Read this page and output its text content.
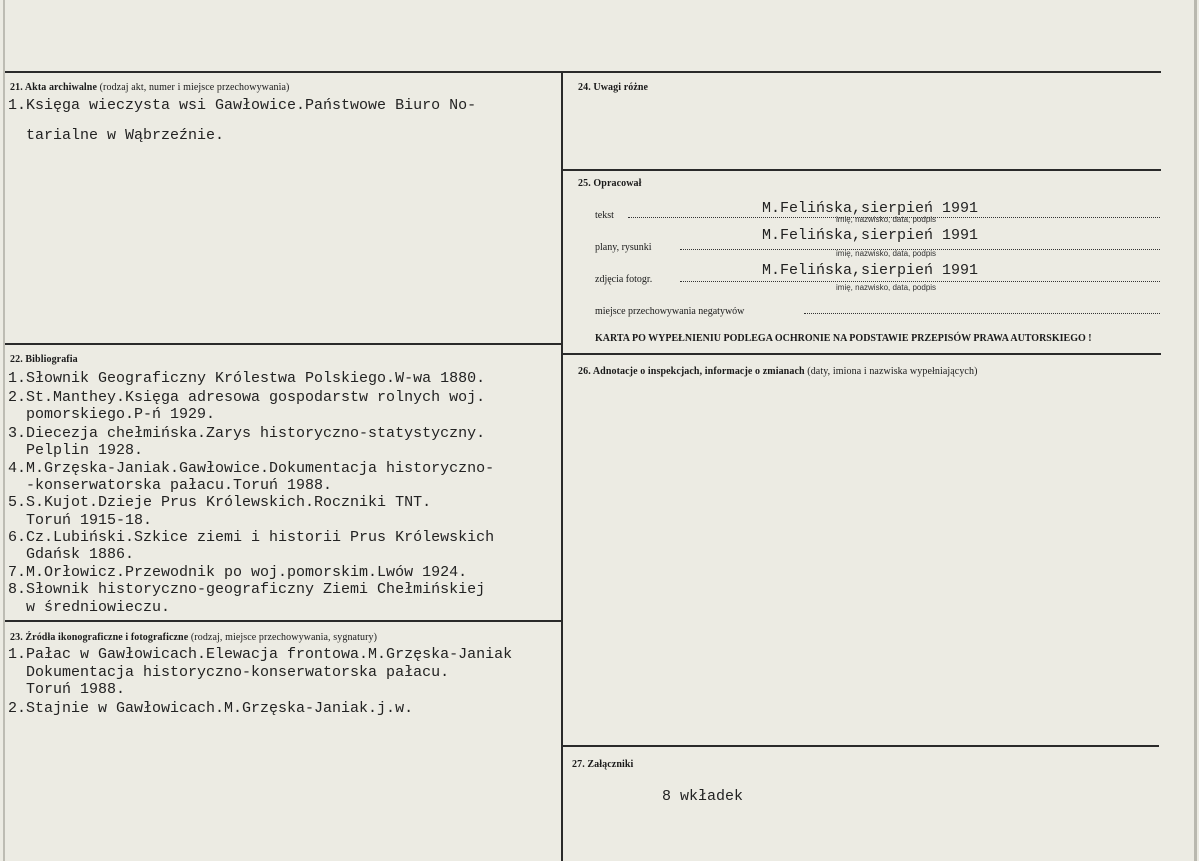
21. Akta archiwalne (rodzaj akt, numer i miejsce przechowywania)
1.Księga wieczysta wsi Gawłowice.Państwowe Biuro No-
tarialne w Wąbrzeźnie.
22. Bibliografia
1.Słownik Geograficzny Królestwa Polskiego.W-wa 1880.
2.St.Manthey.Księga adresowa gospodarstw rolnych woj.
pomorskiego.P-ń 1929.
3.Diecezja chełmińska.Zarys historyczno-statystyczny.
Pelplin 1928.
4.M.Grzęska-Janiak.Gawłowice.Dokumentacja historyczno-
-konserwatorska pałacu.Toruń 1988.
5.S.Kujot.Dzieje Prus Królewskich.Roczniki TNT.
Toruń 1915-18.
6.Cz.Lubiński.Szkice ziemi i historii Prus Królewskich
Gdańsk 1886.
7.M.Orłowicz.Przewodnik po woj.pomorskim.Lwów 1924.
8.Słownik historyczno-geograficzny Ziemi Chełmińskiej
w średniowieczu.
23. Źródła ikonograficzne i fotograficzne (rodzaj, miejsce przechowywania, sygnatury)
1.Pałac w Gawłowicach.Elewacja frontowa.M.Grzęska-Janiak
Dokumentacja historyczno-konserwatorska pałacu.
Toruń 1988.
2.Stajnie w Gawłowicach.M.Grzęska-Janiak.j.w.
24. Uwagi różne
25. Opracował
tekst	M.Felińska,sierpień 1991
imię, nazwisko, data, podpis
plany, rysunki
M.Felińska,sierpień 1991
imię, nazwisko, data, podpis
zdjęcia fotogr.
M.Felińska,sierpień 1991
imię, nazwisko, data, podpis
miejsce przechowywania negatywów
KARTA PO WYPEŁNIENIU PODLEGA OCHRONIE NA PODSTAWIE PRZEPISÓW PRAWA AUTORSKIEGO !
26. Adnotacje o inspekcjach, informacje o zmianach (daty, imiona i nazwiska wypełniających)
27. Załączniki
8 wkładek
